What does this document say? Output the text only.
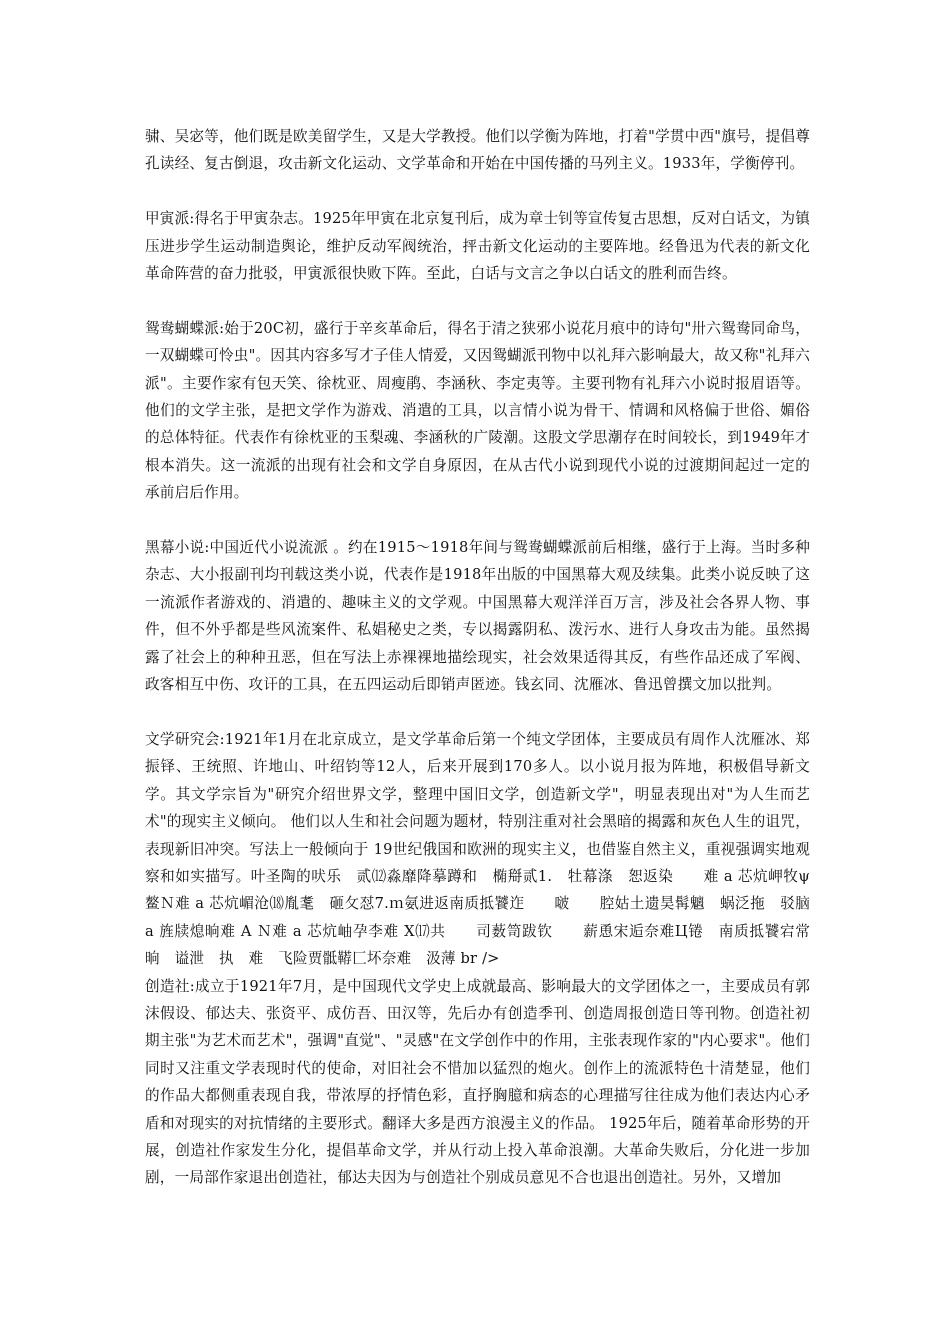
骕、吴宓等，他们既是欧美留学生，又是大学教授。他们以学衡为阵地，打着"学贯中西"旗号，提倡尊孔读经、复古倒退，攻击新文化运动、文学革命和开始在中国传播的马列主义。1933年，学衡停刊。

甲寅派:得名于甲寅杂志。1925年甲寅在北京复刊后，成为章士钊等宣传复古思想，反对白话文，为镇压进步学生运动制造舆论，维护反动军阀统治，抨击新文化运动的主要阵地。经鲁迅为代表的新文化革命阵营的奋力批驳，甲寅派很快败下阵。至此，白话与文言之争以白话文的胜利而告终。

鸳鸯蝴蝶派:始于20C初，盛行于辛亥革命后，得名于清之狭邪小说花月痕中的诗句"卅六鸳鸯同命鸟，一双蝴蝶可怜虫"。因其内容多写才子佳人情爱，又因鸳蝴派刊物中以礼拜六影响最大，故又称"礼拜六派"。主要作家有包天笑、徐枕亚、周瘦鹃、李涵秋、李定夷等。主要刊物有礼拜六小说时报眉语等。他们的文学主张，是把文学作为游戏、消遣的工具，以言情小说为骨干、情调和风格偏于世俗、媚俗的总体特征。代表作有徐枕亚的玉梨魂、李涵秋的广陵潮。这股文学思潮存在时间较长，到1949年才根本消失。这一流派的出现有社会和文学自身原因，在从古代小说到现代小说的过渡期间起过一定的承前启后作用。

黑幕小说:中国近代小说流派 。约在1915～1918年间与鸳鸯蝴蝶派前后相继，盛行于上海。当时多种杂志、大小报副刊均刊载这类小说，代表作是1918年出版的中国黑幕大观及续集。此类小说反映了这一流派作者游戏的、消遣的、趣味主义的文学观。中国黑幕大观洋洋百万言，涉及社会各界人物、事件，但不外乎都是些风流案件、私娼秘史之类，专以揭露阴私、泼污水、进行人身攻击为能。虽然揭露了社会上的种种丑恶，但在写法上赤裸裸地描绘现实，社会效果适得其反，有些作品还成了军阀、政客相互中伤、攻讦的工具，在五四运动后即销声匿迹。钱玄同、沈雁冰、鲁迅曾撰文加以批判。

文学研究会:1921年1月在北京成立，是文学革命后第一个纯文学团体，主要成员有周作人沈雁冰、郑振铎、王统照、许地山、叶绍钧等12人，后来开展到170多人。以小说月报为阵地，积极倡导新文学。其文学宗旨为"研究介绍世界文学，整理中国旧文学，创造新文学"，明显表现出对"为人生而艺术"的现实主义倾向。 他们以人生和社会问题为题材，特别注重对社会黑暗的揭露和灰色人生的诅咒，表现新旧冲突。写法上一般倾向于 19世纪俄国和欧洲的现实主义，也借鉴自然主义，重视强调实地观察和如实描写。叶圣陶的吠乐　贰⑿淼靡降摹蹲和　椭搿贰1.　牡幕涤　恕返染　　难 a 芯炕岬牧ψ鳌Ｎ难 a 芯炕嵋沧⒅胤耄　砸攵怼7.ｍ氨进返南质抵饕迮　　啵　　腔姑土遗昊髯魑　蜗泛拖　驳脑 a 旌牍熄晌难 A Ｎ难 a 芯炕岫孕李难 X⒄共　　司薮笥跋钦　　薪恿宋逅奈难Ц锩　南质抵饕宕常　晌　谥泄　执　难　飞险贾骶鞯匚坏奈难　汲薄 br />

创造社:成立于1921年7月，是中国现代文学史上成就最高、影响最大的文学团体之一，主要成员有郭沫假设、郁达夫、张资平、成仿吾、田汉等，先后办有创造季刊、创造周报创造日等刊物。创造社初期主张"为艺术而艺术"，强调"直觉"、"灵感"在文学创作中的作用，主张表现作家的"内心要求"。他们同时又注重文学表现时代的使命，对旧社会不惜加以猛烈的炮火。创作上的流派特色十清楚显，他们的作品大都侧重表现自我，带浓厚的抒情色彩，直抒胸臆和病态的心理描写往往成为他们表达内心矛盾和对现实的对抗情绪的主要形式。翻译大多是西方浪漫主义的作品。 1925年后，随着革命形势的开展，创造社作家发生分化，提倡革命文学，并从行动上投入革命浪潮。大革命失败后，分化进一步加剧，一局部作家退出创造社，郁达夫因为与创造社个别成员意见不合也退出创造社。另外，又增加
